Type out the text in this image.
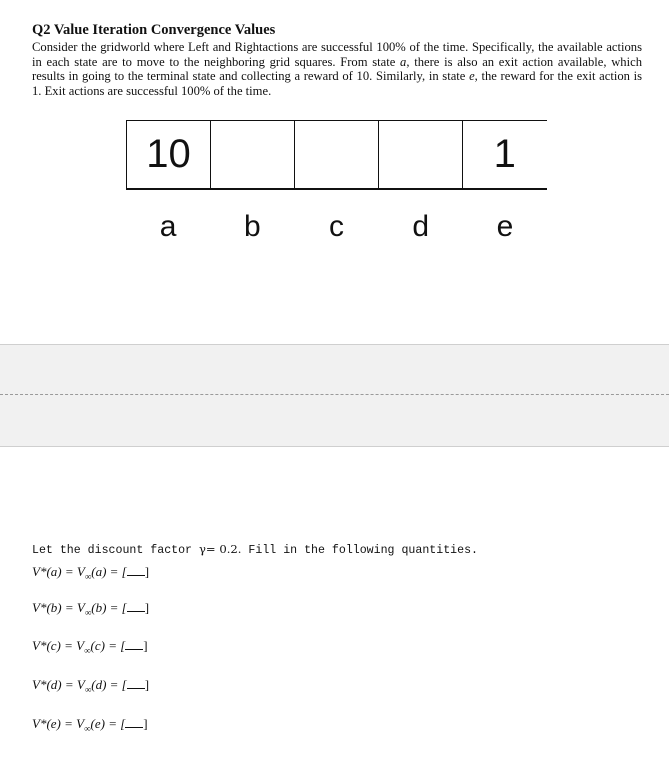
Q2 Value Iteration Convergence Values
Consider the gridworld where Left and Rightactions are successful 100% of the time. Specifically, the available actions in each state are to move to the neighboring grid squares. From state a, there is also an exit action available, which results in going to the terminal state and collecting a reward of 10. Similarly, in state e, the reward for the exit action is 1. Exit actions are successful 100% of the time.
10	1
a	b	c	d	e
Let the discount factor γ= 0.2. Fill in the following quantities.
$V*(a) = V_\infty(a)$ = [ ]
$V*(b) = V_\infty(b)$ = [ ]
$V*(c) = V_\infty(c)$ = [ ]
$V*(d) = V_\infty(d)$ = [ ]
$V*(e) = V_\infty(e)$ = [ ]
